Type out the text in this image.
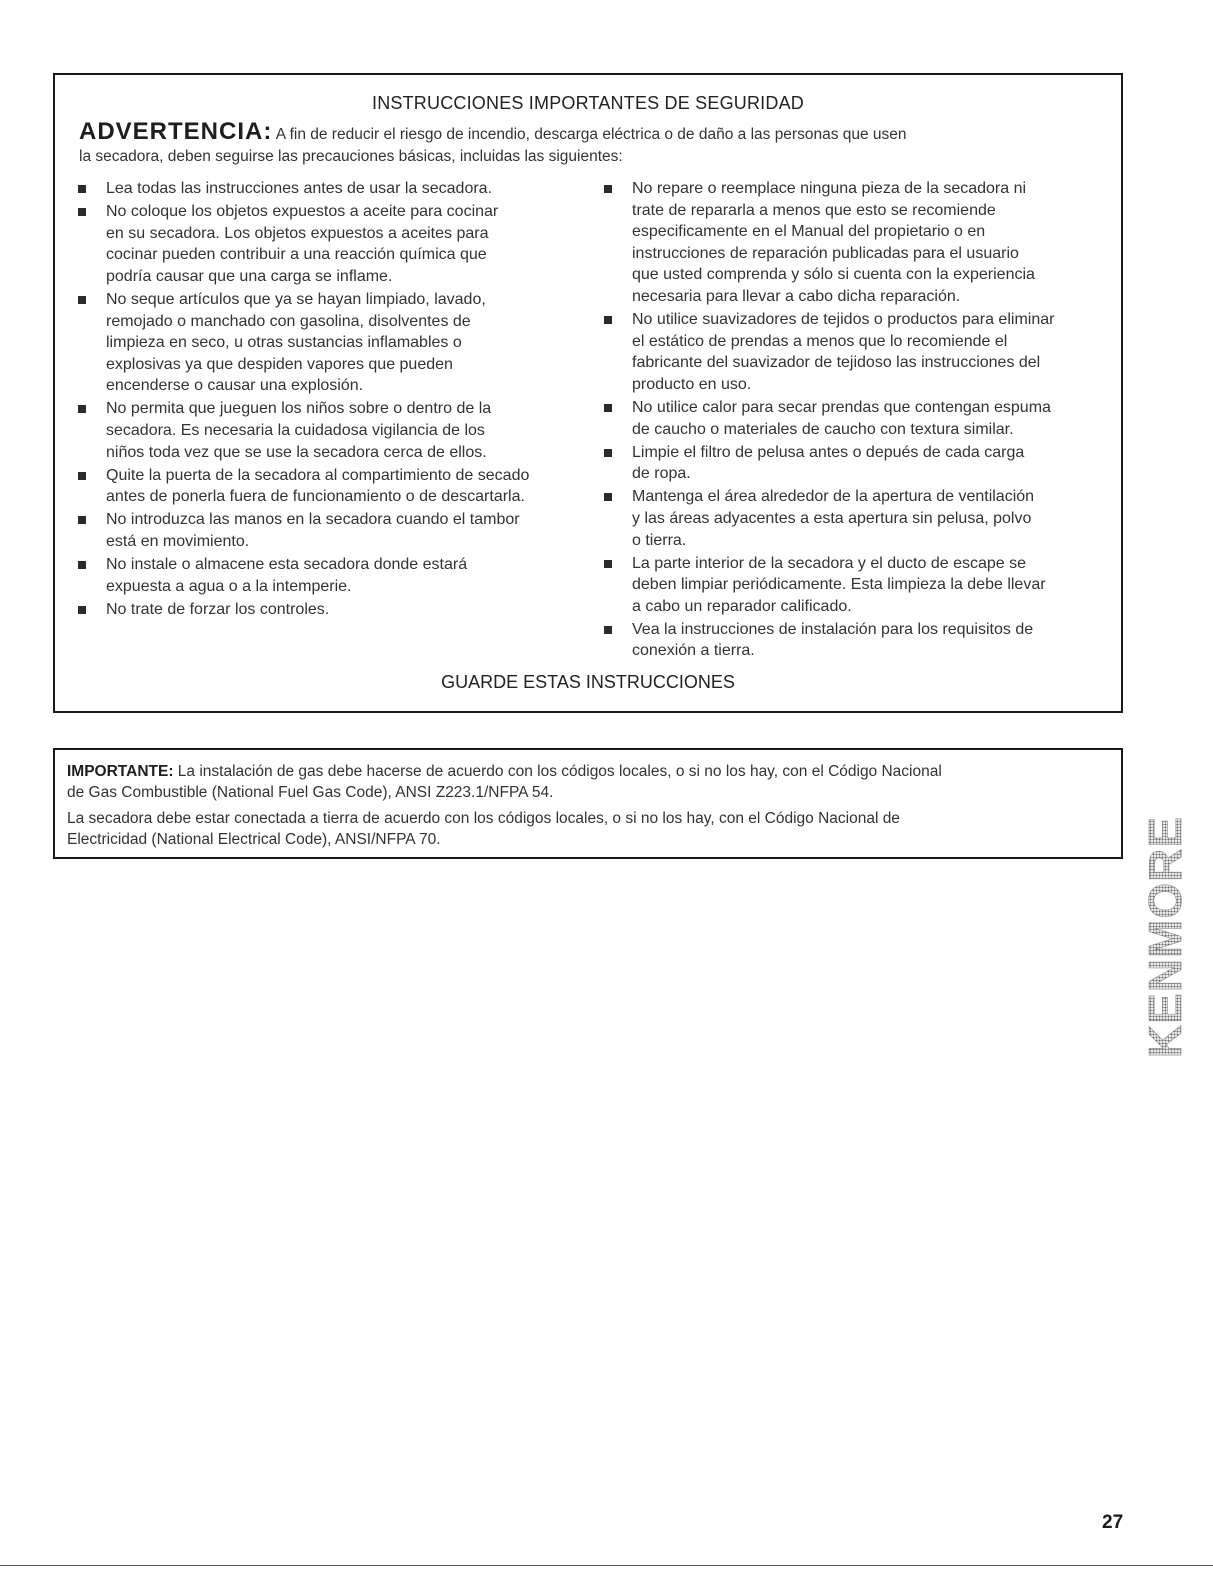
INSTRUCCIONES IMPORTANTES DE SEGURIDAD
ADVERTENCIA: A fin de reducir el riesgo de incendio, descarga eléctrica o de daño a las personas que usen
la secadora, deben seguirse las precauciones básicas, incluidas las siguientes:
Lea todas las instrucciones antes de usar la secadora.
No coloque los objetos expuestos a aceite para cocinar
en su secadora. Los objetos expuestos a aceites para
cocinar pueden contribuir a una reacción química que
podría causar que una carga se inflame.
No seque artículos que ya se hayan limpiado, lavado,
remojado o manchado con gasolina, disolventes de
limpieza en seco, u otras sustancias inflamables o
explosivas ya que despiden vapores que pueden
encenderse o causar una explosión.
No permita que jueguen los niños sobre o dentro de la
secadora. Es necesaria la cuidadosa vigilancia de los
niños toda vez que se use la secadora cerca de ellos.
Quite la puerta de la secadora al compartimiento de secado
antes de ponerla fuera de funcionamiento o de descartarla.
No introduzca las manos en la secadora cuando el tambor
está en movimiento.
No instale o almacene esta secadora donde estará
expuesta a agua o a la intemperie.
No trate de forzar los controles.
No repare o reemplace ninguna pieza de la secadora ni
trate de repararla a menos que esto se recomiende
especificamente en el Manual del propietario o en
instrucciones de reparación publicadas para el usuario
que usted comprenda y sólo si cuenta con la experiencia
necesaria para llevar a cabo dicha reparación.
No utilice suavizadores de tejidos o productos para eliminar
el estático de prendas a menos que lo recomiende el
fabricante del suavizador de tejidoso las instrucciones del
producto en uso.
No utilice calor para secar prendas que contengan espuma
de caucho o materiales de caucho con textura similar.
Limpie el filtro de pelusa antes o depués de cada carga
de ropa.
Mantenga el área alrededor de la apertura de ventilación
y las áreas adyacentes a esta apertura sin pelusa, polvo
o tierra.
La parte interior de la secadora y el ducto de escape se
deben limpiar periódicamente. Esta limpieza la debe llevar
a cabo un reparador calificado.
Vea la instrucciones de instalación para los requisitos de
conexión a tierra.
GUARDE ESTAS INSTRUCCIONES

IMPORTANTE: La instalación de gas debe hacerse de acuerdo con los códigos locales, o si no los hay, con el Código Nacional
de Gas Combustible (National Fuel Gas Code), ANSI Z223.1/NFPA 54.

La secadora debe estar conectada a tierra de acuerdo con los códigos locales, o si no los hay, con el Código Nacional de
Electricidad (National Electrical Code), ANSI/NFPA 70.	KENMORE
27
